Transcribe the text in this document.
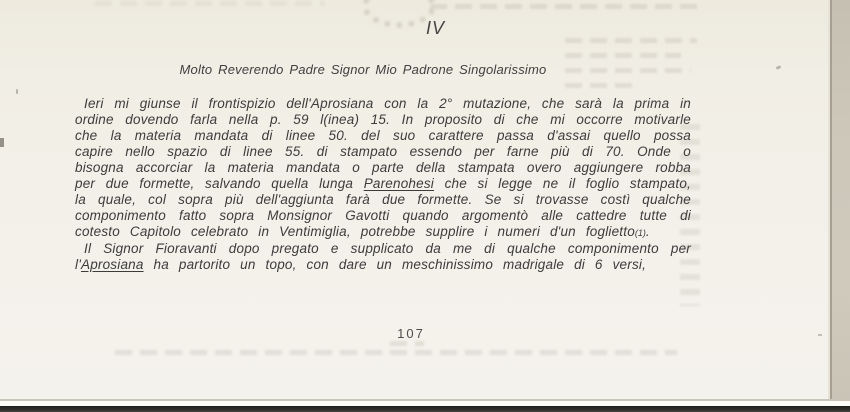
IV
Molto Reverendo Padre Signor Mio Padrone Singolarissimo

Ieri mi giunse il frontispizio dell'Aprosiana con la 2° mutazione, che sarà la prima in ordine dovendo farla nella p. 59 l(inea) 15. In proposito di che mi occorre motivarle che la materia mandata di linee 50. del suo carattere passa d'assai quello possa capire nello spazio di linee 55. di stampato essendo per farne più di 70. Onde o bisogna accorciar la materia mandata o parte della stampata overo aggiungere robba per due formette, salvando quella lunga Parenohesi che si legge ne il foglio stampato, la quale, col sopra più dell'aggiunta farà due formette. Se si trovasse costì qualche componimento fatto sopra Monsignor Gavotti quando argomentò alle cattedre tutte di cotesto Capitolo celebrato in Ventimiglia, potrebbe supplire i numeri d'un foglietto(1).

Il Signor Fioravanti dopo pregato e supplicato da me di qualche componimento per l'Aprosiana ha partorito un topo, con dare un meschinissimo madrigale di 6 versi,

107
